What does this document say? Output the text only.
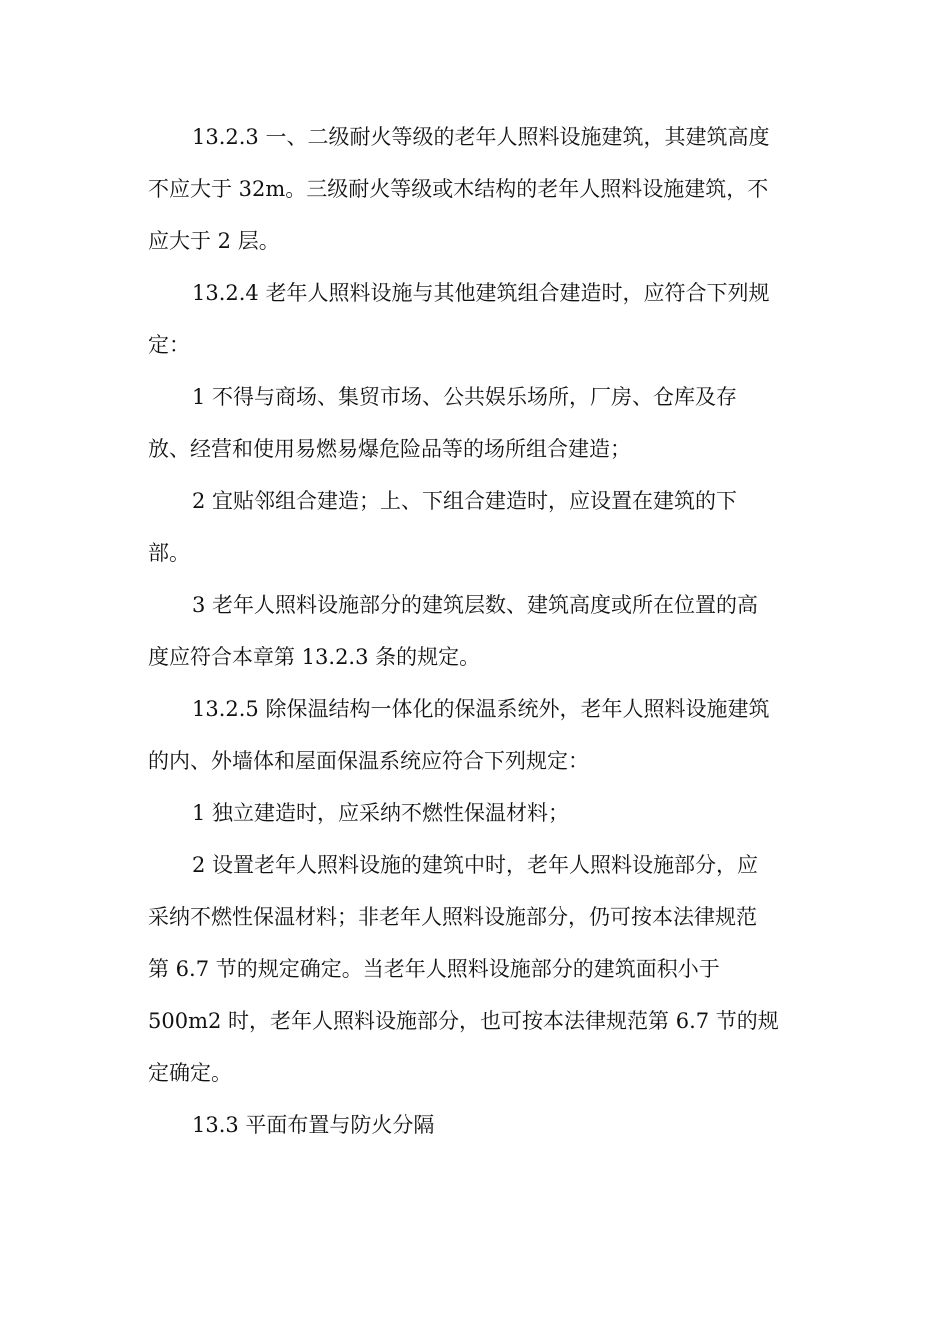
13.2.3 一、二级耐火等级的老年人照料设施建筑，其建筑高度
不应大于 32m。三级耐火等级或木结构的老年人照料设施建筑，不
应大于 2 层。
13.2.4 老年人照料设施与其他建筑组合建造时，应符合下列规
定：
1 不得与商场、集贸市场、公共娱乐场所，厂房、仓库及存
放、经营和使用易燃易爆危险品等的场所组合建造；
2 宜贴邻组合建造；上、下组合建造时，应设置在建筑的下
部。
3 老年人照料设施部分的建筑层数、建筑高度或所在位置的高
度应符合本章第 13.2.3 条的规定。
13.2.5 除保温结构一体化的保温系统外，老年人照料设施建筑
的内、外墙体和屋面保温系统应符合下列规定：
1 独立建造时，应采纳不燃性保温材料；
2 设置老年人照料设施的建筑中时，老年人照料设施部分，应
采纳不燃性保温材料；非老年人照料设施部分，仍可按本法律规范
第 6.7 节的规定确定。当老年人照料设施部分的建筑面积小于
500m2 时，老年人照料设施部分，也可按本法律规范第 6.7 节的规
定确定。
13.3 平面布置与防火分隔
